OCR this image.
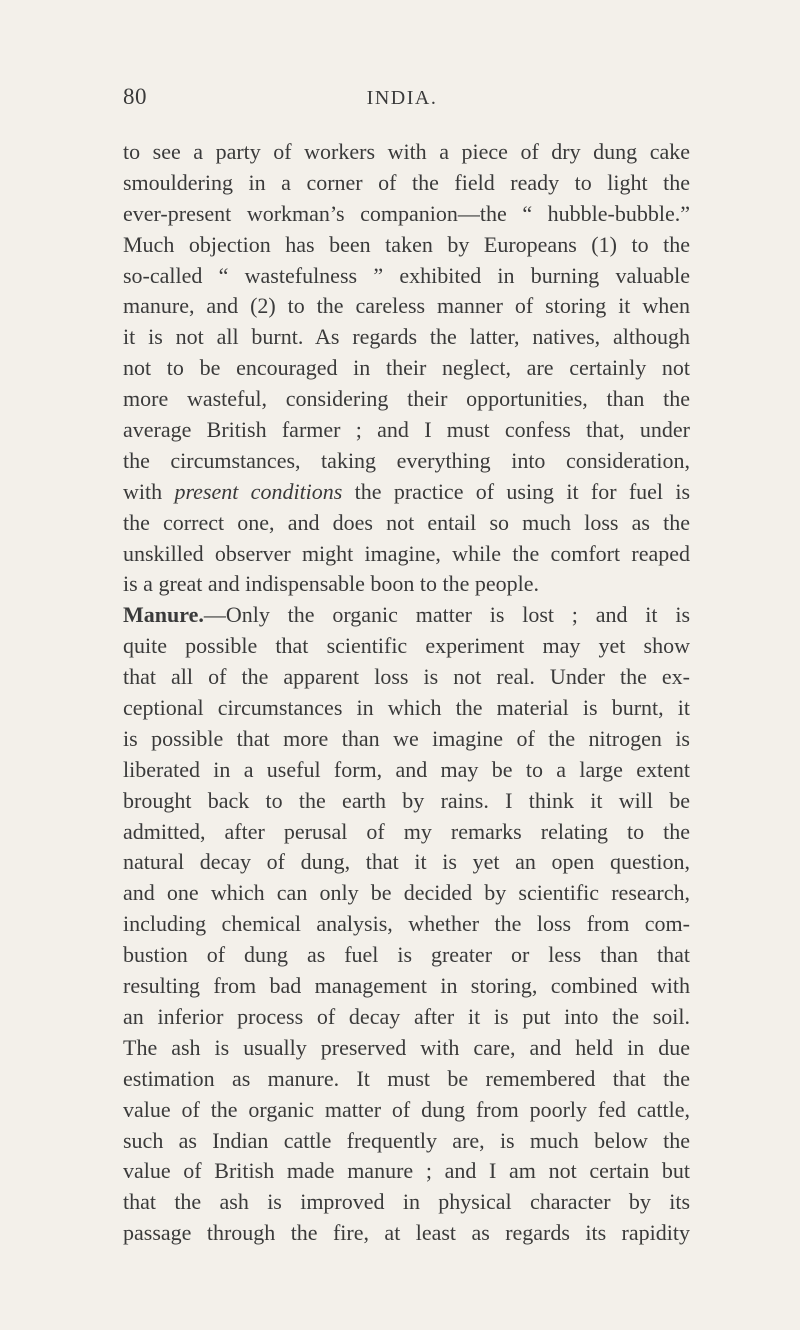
80	INDIA.
to see a party of workers with a piece of dry dung cake
smouldering in a corner of the field ready to light the
ever-present workman’s companion—the “ hubble-bubble.”
Much objection has been taken by Europeans (1) to the
so-called “ wastefulness ” exhibited in burning valuable
manure, and (2) to the careless manner of storing it when
it is not all burnt. As regards the latter, natives, although
not to be encouraged in their neglect, are certainly not
more wasteful, considering their opportunities, than the
average British farmer ; and I must confess that, under
the circumstances, taking everything into consideration,
with present conditions the practice of using it for fuel is
the correct one, and does not entail so much loss as the
unskilled observer might imagine, while the comfort reaped
is a great and indispensable boon to the people.
Manure.—Only the organic matter is lost ; and it is
quite possible that scientific experiment may yet show
that all of the apparent loss is not real. Under the ex-
ceptional circumstances in which the material is burnt, it
is possible that more than we imagine of the nitrogen is
liberated in a useful form, and may be to a large extent
brought back to the earth by rains. I think it will be
admitted, after perusal of my remarks relating to the
natural decay of dung, that it is yet an open question,
and one which can only be decided by scientific research,
including chemical analysis, whether the loss from com-
bustion of dung as fuel is greater or less than that
resulting from bad management in storing, combined with
an inferior process of decay after it is put into the soil.
The ash is usually preserved with care, and held in due
estimation as manure. It must be remembered that the
value of the organic matter of dung from poorly fed cattle,
such as Indian cattle frequently are, is much below the
value of British made manure ; and I am not certain but
that the ash is improved in physical character by its
passage through the fire, at least as regards its rapidity
